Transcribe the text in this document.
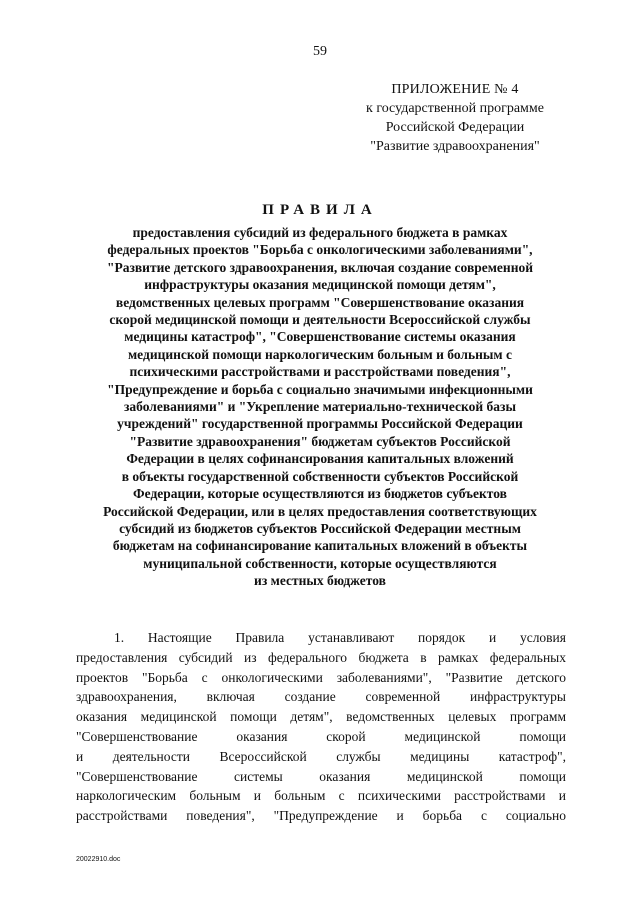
59
ПРИЛОЖЕНИЕ № 4
к государственной программе
Российской Федерации
"Развитие здравоохранения"
ПРАВИЛА
предоставления субсидий из федерального бюджета в рамках
федеральных проектов "Борьба с онкологическими заболеваниями",
"Развитие детского здравоохранения, включая создание современной
инфраструктуры оказания медицинской помощи детям",
ведомственных целевых программ "Совершенствование оказания
скорой медицинской помощи и деятельности Всероссийской службы
медицины катастроф", "Совершенствование системы оказания
медицинской помощи наркологическим больным и больным с
психическими расстройствами и расстройствами поведения",
"Предупреждение и борьба с социально значимыми инфекционными
заболеваниями" и "Укрепление материально-технической базы
учреждений" государственной программы Российской Федерации
"Развитие здравоохранения" бюджетам субъектов Российской
Федерации в целях софинансирования капитальных вложений
в объекты государственной собственности субъектов Российской
Федерации, которые осуществляются из бюджетов субъектов
Российской Федерации, или в целях предоставления соответствующих
субсидий из бюджетов субъектов Российской Федерации местным
бюджетам на софинансирование капитальных вложений в объекты
муниципальной собственности, которые осуществляются
из местных бюджетов
1. Настоящие Правила устанавливают порядок и условия
предоставления субсидий из федерального бюджета в рамках федеральных
проектов "Борьба с онкологическими заболеваниями", "Развитие детского
здравоохранения, включая создание современной инфраструктуры
оказания медицинской помощи детям", ведомственных целевых программ
"Совершенствование оказания скорой медицинской помощи
и деятельности Всероссийской службы медицины катастроф",
"Совершенствование системы оказания медицинской помощи
наркологическим больным и больным с психическими расстройствами и
расстройствами поведения", "Предупреждение и борьба с социально
20022910.doc
